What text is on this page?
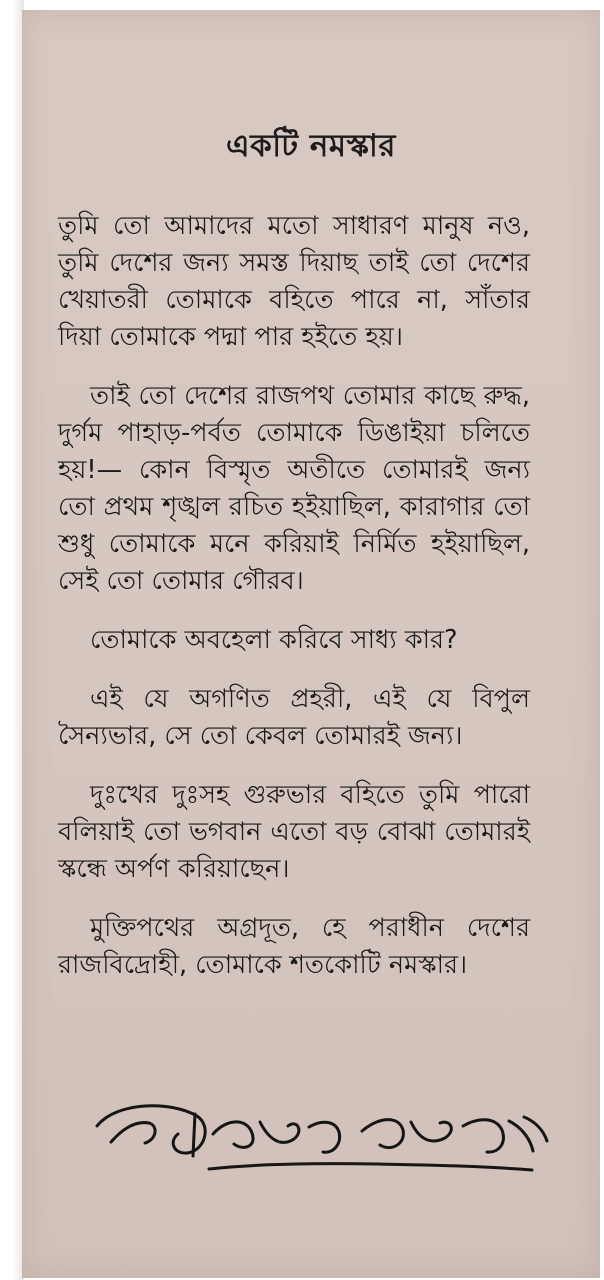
একটি নমস্কার

তুমি তো আমাদের মতো সাধারণ মানুষ নও, তুমি দেশের জন্য সমস্ত দিয়াছ তাই তো দেশের খেয়াতরী তোমাকে বহিতে পারে না, সাঁতার দিয়া তোমাকে পদ্মা পার হইতে হয়।

তাই তো দেশের রাজপথ তোমার কাছে রুদ্ধ, দুর্গম পাহাড়-পর্বত তোমাকে ডিঙাইয়া চলিতে হয়!— কোন বিস্মৃত অতীতে তোমারই জন্য তো প্রথম শৃঙ্খল রচিত হইয়াছিল, কারাগার তো শুধু তোমাকে মনে করিয়াই নির্মিত হইয়াছিল, সেই তো তোমার গৌরব।

তোমাকে অবহেলা করিবে সাধ্য কার?

এই যে অগণিত প্রহরী, এই যে বিপুল সৈন্যভার, সে তো কেবল তোমারই জন্য।

দুঃখের দুঃসহ গুরুভার বহিতে তুমি পারো বলিয়াই তো ভগবান এতো বড় বোঝা তোমারই স্কন্ধে অর্পণ করিয়াছেন।

মুক্তিপথের অগ্রদূত, হে পরাধীন দেশের রাজবিদ্রোহী, তোমাকে শতকোটি নমস্কার।
